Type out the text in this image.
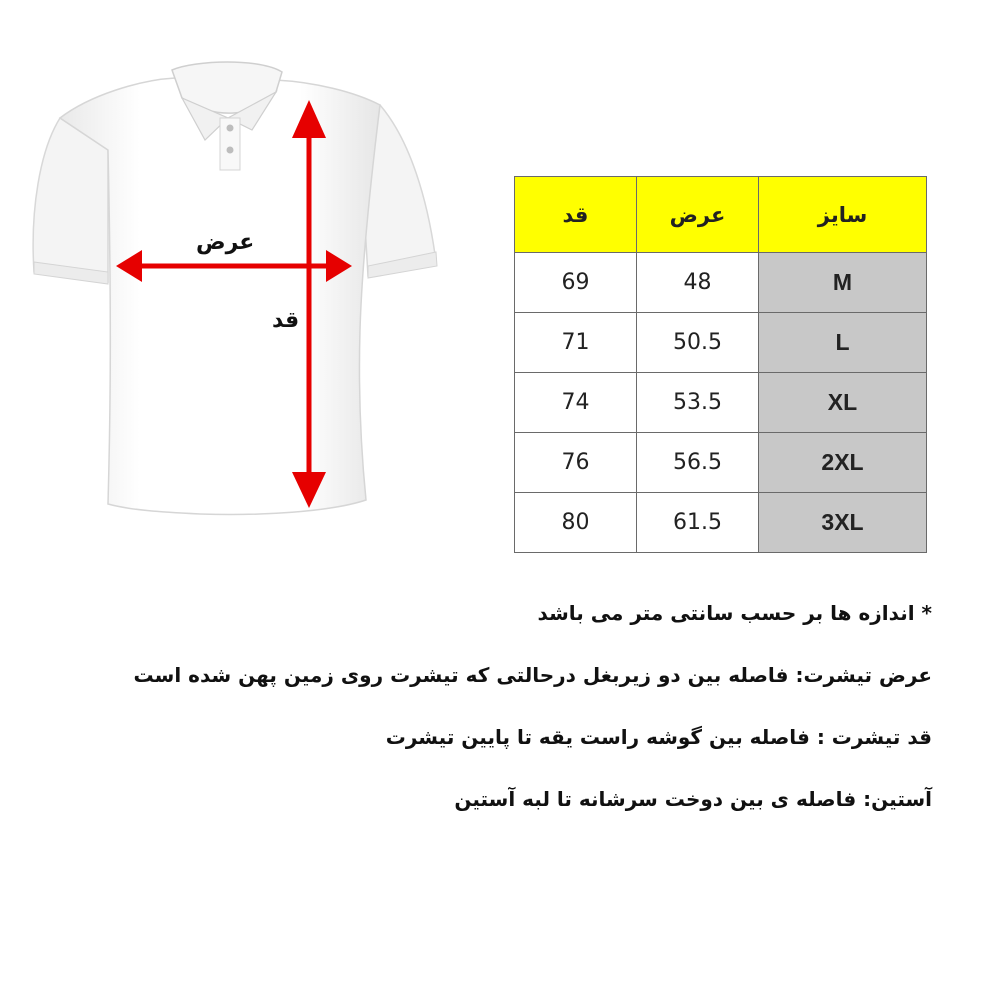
عرض
قد
قد	عرض	سایز
69	48	M
71	50.5	L
74	53.5	XL
76	56.5	2XL
80	61.5	3XL
* اندازه ها بر حسب سانتی متر می باشد
عرض تیشرت: فاصله بین دو زیربغل درحالتی که تیشرت روی زمین پهن شده است
قد تیشرت : فاصله بین گوشه راست یقه تا پایین تیشرت
آستین: فاصله ی بین دوخت سرشانه تا لبه آستین
